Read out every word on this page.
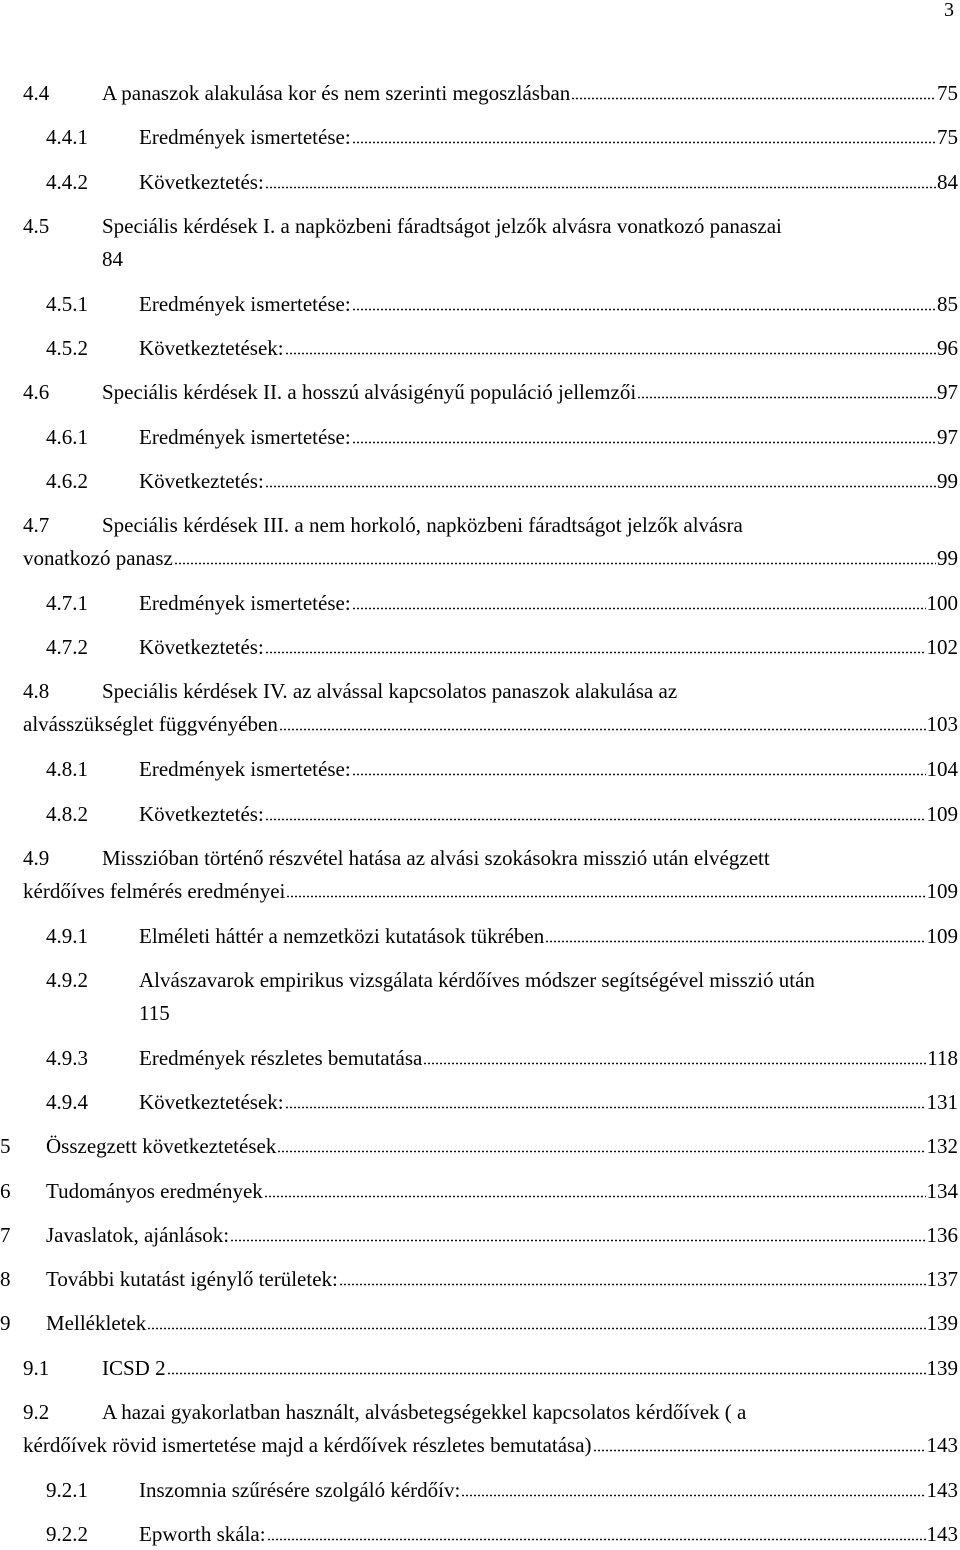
3
4.4	A panaszok alakulása kor és nem szerinti megoszlásban	75
4.4.1 Eredmények ismertetése:	75
4.4.2 Következtetés:	84
4.5	Speciális kérdések I. a napközbeni fáradtságot jelzők alvásra vonatkozó panaszai
84
4.5.1 Eredmények ismertetése:	85
4.5.2 Következtetések:	96
4.6	Speciális kérdések II. a hosszú alvásigényű populáció jellemzői	97
4.6.1 Eredmények ismertetése:	97
4.6.2 Következtetés:	99
4.7	Speciális kérdések III. a nem horkoló, napközbeni fáradtságot jelzők alvásra
vonatkozó panasz	99
4.7.1 Eredmények ismertetése:	100
4.7.2 Következtetés:	102
4.8	Speciális kérdések IV. az alvással kapcsolatos panaszok alakulása az
alvásszükséglet függvényében	103
4.8.1 Eredmények ismertetése:	104
4.8.2 Következtetés:	109
4.9	Misszióban történő részvétel hatása az alvási szokásokra misszió után elvégzett
kérdőíves felmérés eredményei	109
4.9.1 Elméleti háttér a nemzetközi kutatások tükrében	109
4.9.2 Alvászavarok empirikus vizsgálata kérdőíves módszer segítségével misszió után
115
4.9.3 Eredmények részletes bemutatása	118
4.9.4 Következtetések:	131
5 Összegzett következtetések	132
6 Tudományos eredmények	134
7 Javaslatok, ajánlások:	136
8 További kutatást igénylő területek:	137
9 Mellékletek	139
9.1	ICSD 2	139
9.2	A hazai gyakorlatban használt, alvásbetegségekkel kapcsolatos kérdőívek ( a
kérdőívek rövid ismertetése majd a kérdőívek részletes bemutatása)	143
9.2.1 Inszomnia szűrésére szolgáló kérdőív:	143
9.2.2 Epworth skála:	143
